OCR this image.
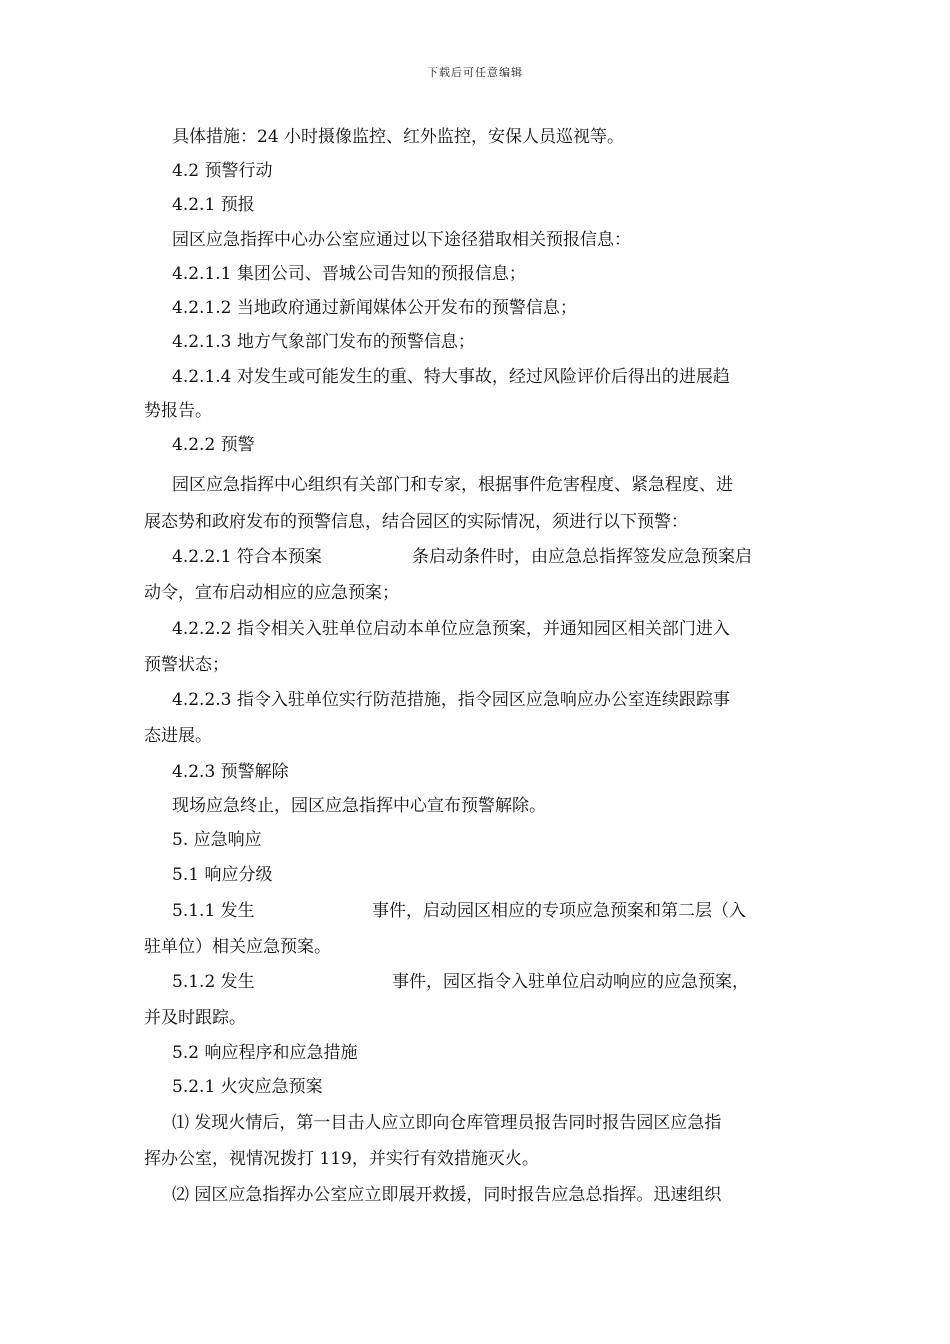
下载后可任意编辑
具体措施：24 小时摄像监控、红外监控，安保人员巡视等。
4.2 预警行动
4.2.1 预报
园区应急指挥中心办公室应通过以下途径猎取相关预报信息：
4.2.1.1 集团公司、晋城公司告知的预报信息；
4.2.1.2 当地政府通过新闻媒体公开发布的预警信息；
4.2.1.3 地方气象部门发布的预警信息；
4.2.1.4 对发生或可能发生的重、特大事故，经过风险评价后得出的进展趋
势报告。
4.2.2 预警
园区应急指挥中心组织有关部门和专家，根据事件危害程度、紧急程度、进
展态势和政府发布的预警信息，结合园区的实际情况，须进行以下预警：
4.2.2.1 符合本预案	条启动条件时，由应急总指挥签发应急预案启
动令，宣布启动相应的应急预案；
4.2.2.2 指令相关入驻单位启动本单位应急预案，并通知园区相关部门进入
预警状态；
4.2.2.3 指令入驻单位实行防范措施，指令园区应急响应办公室连续跟踪事
态进展。
4.2.3 预警解除
现场应急终止，园区应急指挥中心宣布预警解除。
5. 应急响应
5.1 响应分级
5.1.1 发生	事件，启动园区相应的专项应急预案和第二层（入
驻单位）相关应急预案。
5.1.2 发生	事件，园区指令入驻单位启动响应的应急预案，
并及时跟踪。
5.2 响应程序和应急措施
5.2.1 火灾应急预案
⑴ 发现火情后，第一目击人应立即向仓库管理员报告同时报告园区应急指
挥办公室，视情况拨打 119，并实行有效措施灭火。
⑵ 园区应急指挥办公室应立即展开救援，同时报告应急总指挥。迅速组织
